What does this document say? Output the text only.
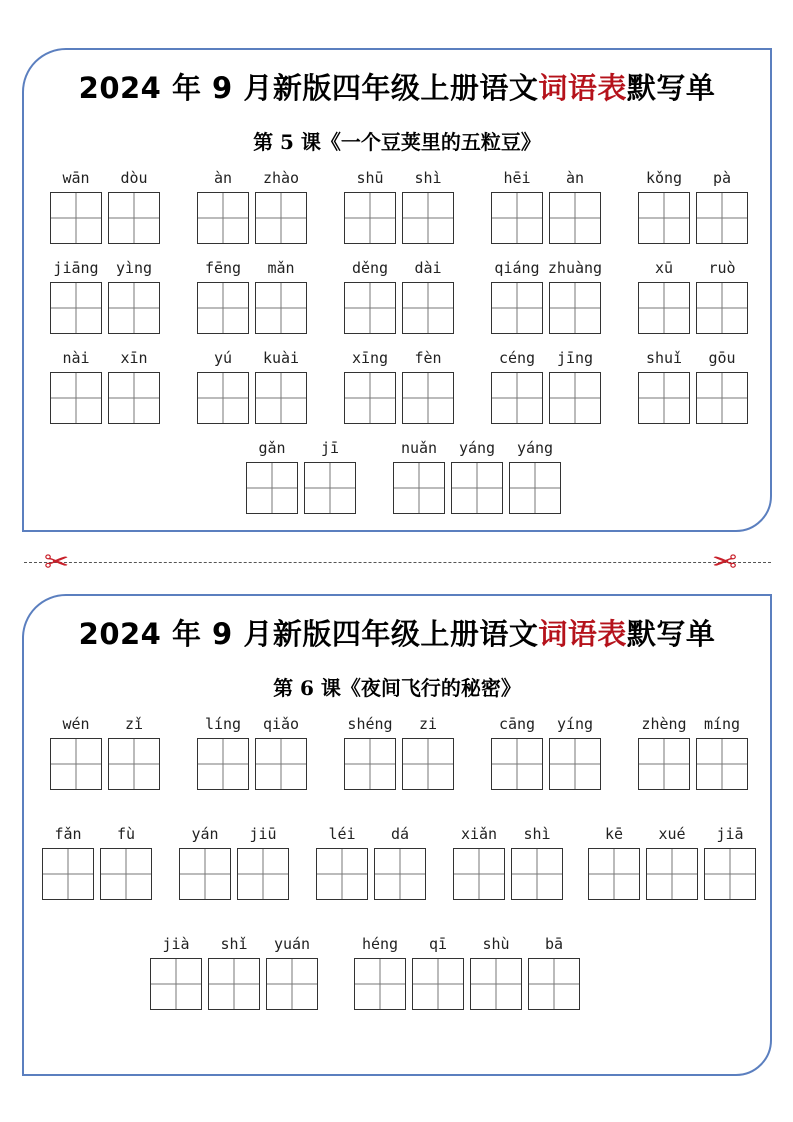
2024 年 9 月新版四年级上册语文词语表默写单
第 5 课《一个豆荚里的五粒豆》
wān	dòu	àn	zhào	shū	shì	hēi	àn	kǒng	pà
jiāng	yìng	fēng	mǎn	děng	dài	qiáng zhuàng	xū	ruò
nài	xīn	yú	kuài	xīng	fèn	céng	jīng	shuǐ	gōu
gǎn	jī	nuǎn	yáng	yáng
✂	✂
2024 年 9 月新版四年级上册语文词语表默写单
第 6 课《夜间飞行的秘密》
wén	zǐ	líng	qiǎo	shéng	zi	cāng	yíng	zhèng	míng
fǎn	fù	yán	jiū	léi	dá	xiǎn	shì	kē	xué	jiā
jià	shǐ	yuán	héng	qī	shù	bā
